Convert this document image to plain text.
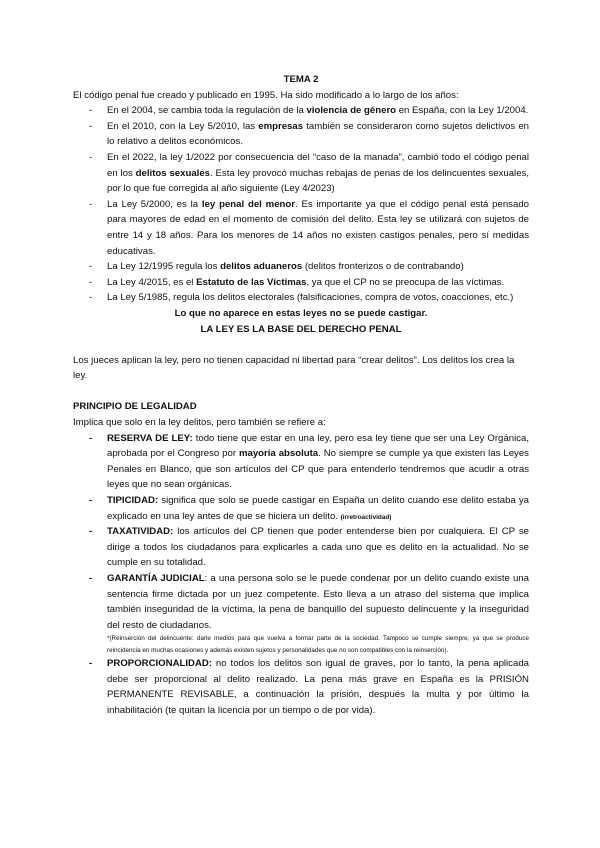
TEMA 2

El código penal fue creado y publicado en 1995. Ha sido modificado a lo largo de los años:

- En el 2004, se cambia toda la regulación de la violencia de género en España, con la Ley 1/2004.
- En el 2010, con la Ley 5/2010, las empresas también se consideraron como sujetos delictivos en lo relativo a delitos económicos.
- En el 2022, la ley 1/2022 por consecuencia del “caso de la manada”, cambió todo el código penal en los delitos sexuales. Esta ley provocó muchas rebajas de penas de los delincuentes sexuales, por lo que fue corregida al año siguiente (Ley 4/2023)
- La Ley 5/2000, es la ley penal del menor. Es importante ya que el código penal está pensado para mayores de edad en el momento de comisión del delito. Esta ley se utilizará con sujetos de entre 14 y 18 años. Para los menores de 14 años no existen castigos penales, pero sí medidas educativas.
- La Ley 12/1995 regula los delitos aduaneros (delitos fronterizos o de contrabando)
- La Ley 4/2015, es el Estatuto de las Víctimas, ya que el CP no se preocupa de las víctimas.
- La Ley 5/1985, regula los delitos electorales (falsificaciones, compra de votos, coacciones, etc.)

Lo que no aparece en estas leyes no se puede castigar.

LA LEY ES LA BASE DEL DERECHO PENAL

Los jueces aplican la ley, pero no tienen capacidad ni libertad para “crear delitos”. Los delitos los crea la ley.

PRINCIPIO DE LEGALIDAD

Implica que solo en la ley delitos, pero también se refiere a:

- RESERVA DE LEY: todo tiene que estar en una ley, pero esa ley tiene que ser una Ley Orgánica, aprobada por el Congreso por mayoría absoluta. No siempre se cumple ya que existen las Leyes Penales en Blanco, que son artículos del CP que para entenderlo tendremos que acudir a otras leyes que no sean orgánicas.
- TIPICIDAD: significa que solo se puede castigar en España un delito cuando ese delito estaba ya explicado en una ley antes de que se hiciera un delito. (irretroactividad)
- TAXATIVIDAD: los artículos del CP tienen que poder entenderse bien por cualquiera. El CP se dirige a todos los ciudadanos para explicarles a cada uno que es delito en la actualidad. No se cumple en su totalidad.
- GARANTÍA JUDICIAL: a una persona solo se le puede condenar por un delito cuando existe una sentencia firme dictada por un juez competente. Esto lleva a un atraso del sistema que implica también inseguridad de la víctima, la pena de banquillo del supuesto delincuente y la inseguridad del resto de ciudadanos.

*(Reinserción del delincuente: darle medios para que vuelva a formar parte de la sociedad. Tampoco se cumple siempre, ya que se produce reincidencia en muchas ocasiones y además existen sujetos y personalidades que no son compatibles con la reinserción).

- PROPORCIONALIDAD: no todos los delitos son igual de graves, por lo tanto, la pena aplicada debe ser proporcional al delito realizado. La pena más grave en España es la PRISIÓN PERMANENTE REVISABLE, a continuación la prisión, después la multa y por último la inhabilitación (te quitan la licencia por un tiempo o de por vida).
